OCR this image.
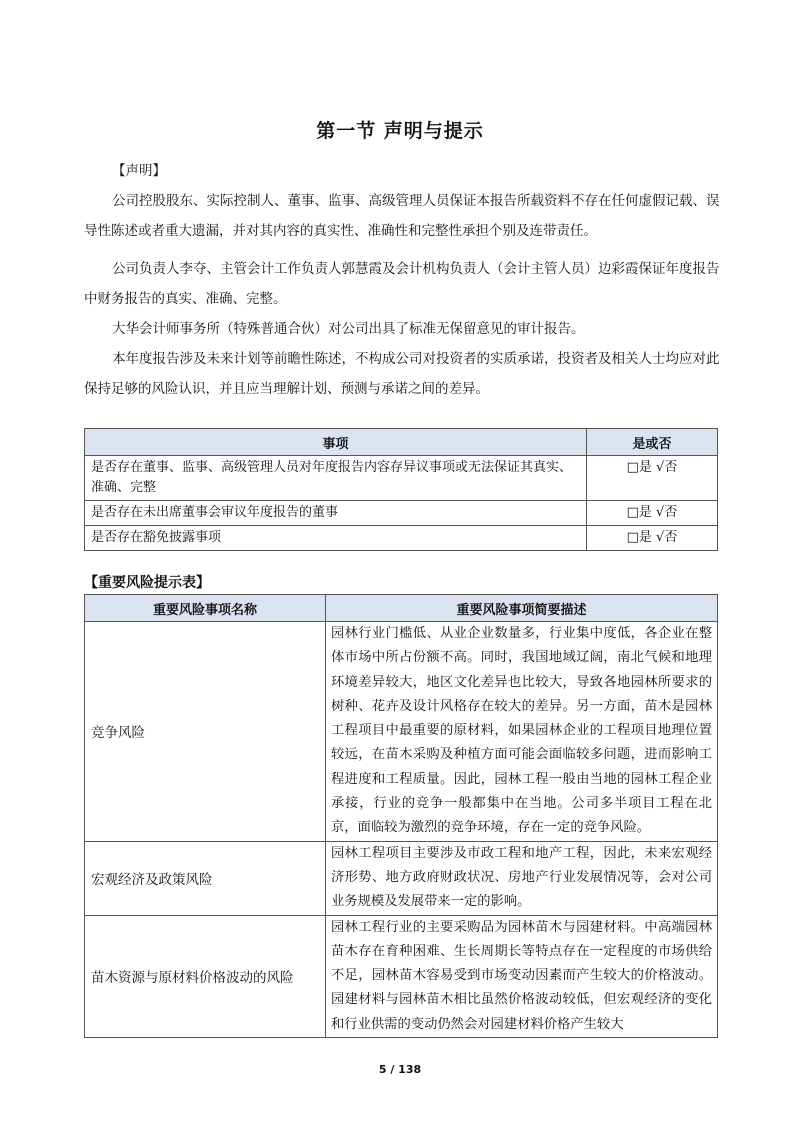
第一节 声明与提示

【声明】

公司控股股东、实际控制人、董事、监事、高级管理人员保证本报告所载资料不存在任何虚假记载、误导性陈述或者重大遗漏，并对其内容的真实性、准确性和完整性承担个别及连带责任。

公司负责人李夺、主管会计工作负责人郭慧霞及会计机构负责人（会计主管人员）边彩霞保证年度报告中财务报告的真实、准确、完整。

大华会计师事务所（特殊普通合伙）对公司出具了标准无保留意见的审计报告。

本年度报告涉及未来计划等前瞻性陈述，不构成公司对投资者的实质承诺，投资者及相关人士均应对此保持足够的风险认识，并且应当理解计划、预测与承诺之间的差异。

事项	是或否
是否存在董事、监事、高级管理人员对年度报告内容存异议事项或无法保证其真实、准确、完整	□是 √否
是否存在未出席董事会审议年度报告的董事	□是 √否
是否存在豁免披露事项	□是 √否
【重要风险提示表】
重要风险事项名称	重要风险事项简要描述
竞争风险	园林行业门槛低、从业企业数量多，行业集中度低，各企业在整体市场中所占份额不高。同时，我国地域辽阔，南北气候和地理环境差异较大，地区文化差异也比较大，导致各地园林所要求的树种、花卉及设计风格存在较大的差异。另一方面，苗木是园林工程项目中最重要的原材料，如果园林企业的工程项目地理位置较远，在苗木采购及种植方面可能会面临较多问题，进而影响工程进度和工程质量。因此，园林工程一般由当地的园林工程企业承接，行业的竞争一般都集中在当地。公司多半项目工程在北京，面临较为激烈的竞争环境，存在一定的竞争风险。
宏观经济及政策风险	园林工程项目主要涉及市政工程和地产工程，因此，未来宏观经济形势、地方政府财政状况、房地产行业发展情况等，会对公司业务规模及发展带来一定的影响。
苗木资源与原材料价格波动的风险	园林工程行业的主要采购品为园林苗木与园建材料。中高端园林苗木存在育种困难、生长周期长等特点存在一定程度的市场供给不足，园林苗木容易受到市场变动因素而产生较大的价格波动。园建材料与园林苗木相比虽然价格波动较低，但宏观经济的变化和行业供需的变动仍然会对园建材料价格产生较大
5 / 138
